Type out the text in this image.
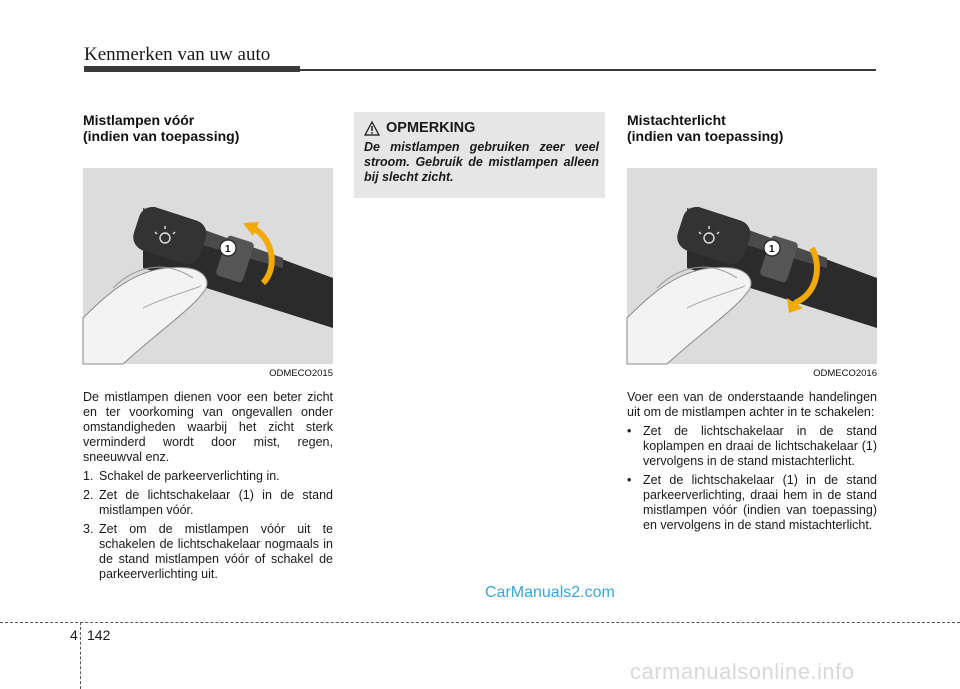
Kenmerken van uw auto
Mistlampen vóór
(indien van toepassing)
1
ODMECO2015

De mistlampen dienen voor een beter zicht en ter voorkoming van ongevallen onder omstandigheden waarbij het zicht sterk verminderd wordt door mist, regen, sneeuwval enz.

1. Schakel de parkeerverlichting in.
2. Zet de lichtschakelaar (1) in de stand mistlampen vóór.
3. Zet om de mistlampen vóór uit te schakelen de lichtschakelaar nogmaals in de stand mistlampen vóór of schakel de parkeerverlichting uit.
OPMERKING
De mistlampen gebruiken zeer veel stroom. Gebruik de mistlampen alleen bij slecht zicht.
Mistachterlicht
(indien van toepassing)
1
ODMECO2016

Voer een van de onderstaande handelingen uit om de mistlampen achter in te schakelen:

• Zet de lichtschakelaar in de stand koplampen en draai de lichtschakelaar (1) vervolgens in de stand mistachterlicht.
• Zet de lichtschakelaar (1) in de stand parkeerverlichting, draai hem in de stand mistlampen vóór (indien van toepassing) en vervolgens in de stand mistachterlicht.
CarManuals2.com
4 142
carmanualsonline.info
